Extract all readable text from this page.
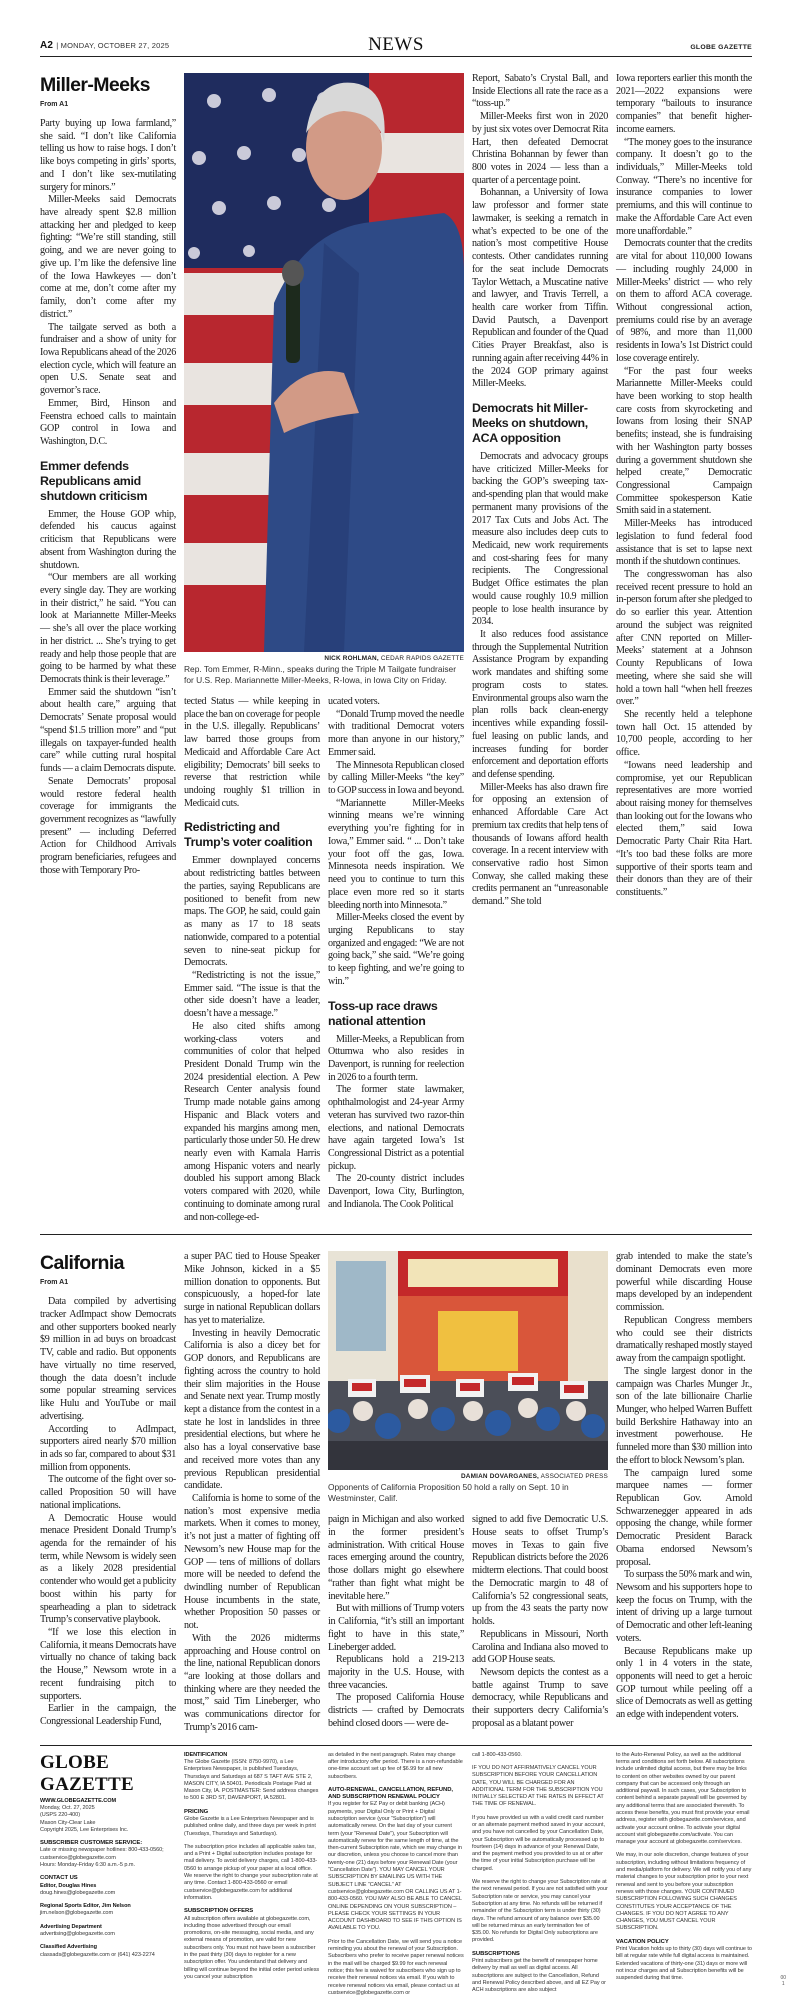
A2 | MONDAY, OCTOBER 27, 2025	NEWS	GLOBE GAZETTE
Miller-Meeks
From A1

Party buying up Iowa farmland,” she said. “I don’t like California telling us how to raise hogs. I don’t like boys competing in girls’ sports, and I don’t like sex-mutilating surgery for minors.”

Miller-Meeks said Democrats have already spent $2.8 million attacking her and pledged to keep fighting: “We’re still standing, still going, and we are never going to give up. I’m like the defensive line of the Iowa Hawkeyes — don’t come at me, don’t come after my family, don’t come after my district.”

The tailgate served as both a fundraiser and a show of unity for Iowa Republicans ahead of the 2026 election cycle, which will feature an open U.S. Senate seat and governor’s race.

Emmer, Bird, Hinson and Feenstra echoed calls to maintain GOP control in Iowa and Washington, D.C.

Emmer defends Republicans amid shutdown criticism

Emmer, the House GOP whip, defended his caucus against criticism that Republicans were absent from Washington during the shutdown.

“Our members are all working every single day. They are working in their district,” he said. “You can look at Mariannette Miller-Meeks — she’s all over the place working in her district. ... She’s trying to get ready and help those people that are going to be harmed by what these Democrats think is their leverage.”

Emmer said the shutdown “isn’t about health care,” arguing that Democrats’ Senate proposal would “spend $1.5 trillion more” and “put illegals on taxpayer-funded health care” while cutting rural hospital funds — a claim Democrats dispute.

Senate Democrats’ proposal would restore federal health coverage for immigrants the government recognizes as “lawfully present” — including Deferred Action for Childhood Arrivals program beneficiaries, refugees and those with Temporary Pro-

NICK ROHLMAN, CEDAR RAPIDS GAZETTE
Rep. Tom Emmer, R-Minn., speaks during the Triple M Tailgate fundraiser for U.S. Rep. Mariannette Miller-Meeks, R-Iowa, in Iowa City on Friday.

tected Status — while keeping in place the ban on coverage for people in the U.S. illegally. Republicans’ law barred those groups from Medicaid and Affordable Care Act eligibility; Democrats’ bill seeks to reverse that restriction while undoing roughly $1 trillion in Medicaid cuts.

Redistricting and Trump’s voter coalition

Emmer downplayed concerns about redistricting battles between the parties, saying Republicans are positioned to benefit from new maps. The GOP, he said, could gain as many as 17 to 18 seats nationwide, compared to a potential seven to nine-seat pickup for Democrats.

“Redistricting is not the issue,” Emmer said. “The issue is that the other side doesn’t have a leader, doesn’t have a message.”

He also cited shifts among working-class voters and communities of color that helped President Donald Trump win the 2024 presidential election. A Pew Research Center analysis found Trump made notable gains among Hispanic and Black voters and expanded his margins among men, particularly those under 50. He drew nearly even with Kamala Harris among Hispanic voters and nearly doubled his support among Black voters compared with 2020, while continuing to dominate among rural and non-college-ed-

ucated voters.

“Donald Trump moved the needle with traditional Democrat voters more than anyone in our history,” Emmer said.

The Minnesota Republican closed by calling Miller-Meeks “the key” to GOP success in Iowa and beyond.

“Mariannette Miller-Meeks winning means we’re winning everything you’re fighting for in Iowa,” Emmer said. “ ... Don’t take your foot off the gas, Iowa. Minnesota needs inspiration. We need you to continue to turn this place even more red so it starts bleeding north into Minnesota.”

Miller-Meeks closed the event by urging Republicans to stay organized and engaged: “We are not going back,” she said. “We’re going to keep fighting, and we’re going to win.”

Toss-up race draws national attention

Miller-Meeks, a Republican from Ottumwa who also resides in Davenport, is running for reelection in 2026 to a fourth term.

The former state lawmaker, ophthalmologist and 24-year Army veteran has survived two razor-thin elections, and national Democrats have again targeted Iowa’s 1st Congressional District as a potential pickup.

The 20-county district includes Davenport, Iowa City, Burlington, and Indianola. The Cook Political

Report, Sabato’s Crystal Ball, and Inside Elections all rate the race as a “toss-up.”

Miller-Meeks first won in 2020 by just six votes over Democrat Rita Hart, then defeated Democrat Christina Bohannan by fewer than 800 votes in 2024 — less than a quarter of a percentage point.

Bohannan, a University of Iowa law professor and former state lawmaker, is seeking a rematch in what’s expected to be one of the nation’s most competitive House contests. Other candidates running for the seat include Democrats Taylor Wettach, a Muscatine native and lawyer, and Travis Terrell, a health care worker from Tiffin. David Pautsch, a Davenport Republican and founder of the Quad Cities Prayer Breakfast, also is running again after receiving 44% in the 2024 GOP primary against Miller-Meeks.

Democrats hit Miller-Meeks on shutdown, ACA opposition

Democrats and advocacy groups have criticized Miller-Meeks for backing the GOP’s sweeping tax-and-spending plan that would make permanent many provisions of the 2017 Tax Cuts and Jobs Act. The measure also includes deep cuts to Medicaid, new work requirements and cost-sharing fees for many recipients. The Congressional Budget Office estimates the plan would cause roughly 10.9 million people to lose health insurance by 2034.

It also reduces food assistance through the Supplemental Nutrition Assistance Program by expanding work mandates and shifting some program costs to states. Environmental groups also warn the plan rolls back clean-energy incentives while expanding fossil-fuel leasing on public lands, and increases funding for border enforcement and deportation efforts and defense spending.

Miller-Meeks has also drawn fire for opposing an extension of enhanced Affordable Care Act premium tax credits that help tens of thousands of Iowans afford health coverage. In a recent interview with conservative radio host Simon Conway, she called making these credits permanent an “unreasonable demand.” She told

Iowa reporters earlier this month the 2021—2022 expansions were temporary “bailouts to insurance companies” that benefit higher-income earners.

“The money goes to the insurance company. It doesn’t go to the individuals,” Miller-Meeks told Conway. “There’s no incentive for insurance companies to lower premiums, and this will continue to make the Affordable Care Act even more unaffordable.”

Democrats counter that the credits are vital for about 110,000 Iowans — including roughly 24,000 in Miller-Meeks’ district — who rely on them to afford ACA coverage. Without congressional action, premiums could rise by an average of 98%, and more than 11,000 residents in Iowa’s 1st District could lose coverage entirely.

“For the past four weeks Mariannette Miller-Meeks could have been working to stop health care costs from skyrocketing and Iowans from losing their SNAP benefits; instead, she is fundraising with her Washington party bosses during a government shutdown she helped create,” Democratic Congressional Campaign Committee spokesperson Katie Smith said in a statement.

Miller-Meeks has introduced legislation to fund federal food assistance that is set to lapse next month if the shutdown continues.

The congresswoman has also received recent pressure to hold an in-person forum after she pledged to do so earlier this year. Attention around the subject was reignited after CNN reported on Miller-Meeks’ statement at a Johnson County Republicans of Iowa meeting, where she said she will hold a town hall “when hell freezes over.”

She recently held a telephone town hall Oct. 15 attended by 10,700 people, according to her office.

“Iowans need leadership and compromise, yet our Republican representatives are more worried about raising money for themselves than looking out for the Iowans who elected them,” said Iowa Democratic Party Chair Rita Hart. “It’s too bad these folks are more supportive of their sports team and their donors than they are of their constituents.”

California
From A1

Data compiled by advertising tracker AdImpact show Democrats and other supporters booked nearly $9 million in ad buys on broadcast TV, cable and radio. But opponents have virtually no time reserved, though the data doesn’t include some popular streaming services like Hulu and YouTube or mail advertising.

According to AdImpact, supporters aired nearly $70 million in ads so far, compared to about $31 million from opponents.

The outcome of the fight over so-called Proposition 50 will have national implications.

A Democratic House would menace President Donald Trump’s agenda for the remainder of his term, while Newsom is widely seen as a likely 2028 presidential contender who would get a publicity boost within his party for spearheading a plan to sidetrack Trump’s conservative playbook.

“If we lose this election in California, it means Democrats have virtually no chance of taking back the House,” Newsom wrote in a recent fundraising pitch to supporters.

Earlier in the campaign, the Congressional Leadership Fund,

a super PAC tied to House Speaker Mike Johnson, kicked in a $5 million donation to opponents. But conspicuously, a hoped-for late surge in national Republican dollars has yet to materialize.

Investing in heavily Democratic California is also a dicey bet for GOP donors, and Republicans are fighting across the country to hold their slim majorities in the House and Senate next year. Trump mostly kept a distance from the contest in a state he lost in landslides in three presidential elections, but where he also has a loyal conservative base and received more votes than any previous Republican presidential candidate.

California is home to some of the nation’s most expensive media markets. When it comes to money, it’s not just a matter of fighting off Newsom’s new House map for the GOP — tens of millions of dollars more will be needed to defend the dwindling number of Republican House incumbents in the state, whether Proposition 50 passes or not.

With the 2026 midterms approaching and House control on the line, national Republican donors “are looking at those dollars and thinking where are they needed the most,” said Tim Lineberger, who was communications director for Trump’s 2016 cam-

DAMIAN DOVARGANES, ASSOCIATED PRESS
Opponents of California Proposition 50 hold a rally on Sept. 10 in Westminster, Calif.

paign in Michigan and also worked in the former president’s administration. With critical House races emerging around the country, those dollars might go elsewhere “rather than fight what might be inevitable here.”

But with millions of Trump voters in California, “it’s still an important fight to have in this state,” Lineberger added.

Republicans hold a 219-213 majority in the U.S. House, with three vacancies.

The proposed California House districts — crafted by Democrats behind closed doors — were de-

signed to add five Democratic U.S. House seats to offset Trump’s moves in Texas to gain five Republican districts before the 2026 midterm elections. That could boost the Democratic margin to 48 of California’s 52 congressional seats, up from the 43 seats the party now holds.

Republicans in Missouri, North Carolina and Indiana also moved to add GOP House seats.

Newsom depicts the contest as a battle against Trump to save democracy, while Republicans and their supporters decry California’s proposal as a blatant power

grab intended to make the state’s dominant Democrats even more powerful while discarding House maps developed by an independent commission.

Republican Congress members who could see their districts dramatically reshaped mostly stayed away from the campaign spotlight.

The single largest donor in the campaign was Charles Munger Jr., son of the late billionaire Charlie Munger, who helped Warren Buffett build Berkshire Hathaway into an investment powerhouse. He funneled more than $30 million into the effort to block Newsom’s plan.

The campaign lured some marquee names — former Republican Gov. Arnold Schwarzenegger appeared in ads opposing the change, while former Democratic President Barack Obama endorsed Newsom’s proposal.

To surpass the 50% mark and win, Newsom and his supporters hope to keep the focus on Trump, with the intent of driving up a large turnout of Democratic and other left-leaning voters.

Because Republicans make up only 1 in 4 voters in the state, opponents will need to get a heroic GOP turnout while peeling off a slice of Democrats as well as getting an edge with independent voters.

GLOBE GAZETTE
WWW.GLOBEGAZETTE.COM
Monday, Oct. 27, 2025
(USPS 220-400)
Mason City-Clear Lake
Copyright 2025, Lee Enterprises Inc.
SUBSCRIBER CUSTOMER SERVICE:
Late or missing newspaper hotlines: 800-433-0560; custservice@globegazette.com
Hours: Monday-Friday 6:30 a.m.-5 p.m.
CONTACT US
Editor, Douglas Hines
doug.hines@globegazette.com
Regional Sports Editor, Jim Nelson
jim.nelson@globegazette.com
Advertising Department
advertising@globegazette.com
Classified Advertising
classads@globegazette.com or (641) 423-2274
IDENTIFICATION
The Globe Gazette (ISSN: 8750-9970), a Lee Enterprises Newspaper, is published Tuesdays, Thursdays and Saturdays at 687 S TAFT AVE STE 2, MASON CITY, IA 50401. Periodicals Postage Paid at Mason City, IA. POSTMASTER: Send address changes to 500 E 3RD ST, DAVENPORT, IA 52801.
PRICING
Globe Gazette is a Lee Enterprises Newspaper and is published online daily, and three days per week in print (Tuesdays, Thursdays and Saturdays).
The subscription price includes all applicable sales tax, and a Print + Digital subscription includes postage for mail delivery. To avoid delivery charges, call 1-800-433-0560 to arrange pickup of your paper at a local office. We reserve the right to change your subscription rate at any time. Contact 1-800-433-0560 or email custservice@globegazette.com for additional information.
SUBSCRIPTION OFFERS
All subscription offers available at globegazette.com, including those advertised through our email promotions, on-site messaging, social media, and any external means of promotion, are valid for new subscribers only. You must not have been a subscriber in the past thirty (30) days to register for a new subscription offer. You understand that delivery and billing will continue beyond the initial order period unless you cancel your subscription
as detailed in the next paragraph. Rates may change after introductory offer period. There is a non-refundable one-time account set up fee of $6.99 for all new subscribers.
AUTO-RENEWAL, CANCELLATION, REFUND, AND SUBSCRIPTION RENEWAL POLICY
If you register for EZ Pay or debit banking (ACH) payments, your Digital Only or Print + Digital subscription service (your “Subscription”) will automatically renew. On the last day of your current term (your “Renewal Date”), your Subscription will automatically renew for the same length of time, at the then-current Subscription rate, which we may change in our discretion, unless you choose to cancel more than twenty-one (21) days before your Renewal Date (your “Cancellation Date”). YOU MAY CANCEL YOUR SUBSCRIPTION BY EMAILING US WITH THE SUBJECT LINE “CANCEL” AT custservice@globegazette.com OR CALLING US AT 1-800-433-0560. YOU MAY ALSO BE ABLE TO CANCEL ONLINE DEPENDING ON YOUR SUBSCRIPTION – PLEASE CHECK YOUR SETTINGS IN YOUR ACCOUNT DASHBOARD TO SEE IF THIS OPTION IS AVAILABLE TO YOU.
Prior to the Cancellation Date, we will send you a notice reminding you about the renewal of your Subscription. Subscribers who prefer to receive paper renewal notices in the mail will be charged $9.99 for each renewal notice; this fee is waived for subscribers who sign up to receive their renewal notices via email. If you wish to receive renewal notices via email, please contact us at custservice@globegazette.com or
call 1-800-433-0560.
IF YOU DO NOT AFFIRMATIVELY CANCEL YOUR SUBSCRIPTION BEFORE YOUR CANCELLATION DATE, YOU WILL BE CHARGED FOR AN ADDITIONAL TERM FOR THE SUBSCRIPTION YOU INITIALLY SELECTED AT THE RATES IN EFFECT AT THE TIME OF RENEWAL.
If you have provided us with a valid credit card number or an alternate payment method saved in your account, and you have not cancelled by your Cancellation Date, your Subscription will be automatically processed up to fourteen (14) days in advance of your Renewal Date, and the payment method you provided to us at or after the time of your initial Subscription purchase will be charged.
We reserve the right to change your Subscription rate at the next renewal period. If you are not satisfied with your Subscription rate or service, you may cancel your Subscription at any time. No refunds will be returned if remainder of the Subscription term is under thirty (30) days. The refund amount of any balance over $35.00 will be returned minus an early termination fee of $35.00. No refunds for Digital Only subscriptions are provided.
SUBSCRIPTIONS
Print subscribers get the benefit of newspaper home delivery by mail as well as digital access. All subscriptions are subject to the Cancellation, Refund and Renewal Policy described above, and all EZ Pay or ACH subscriptions are also subject
to the Auto-Renewal Policy, as well as the additional terms and conditions set forth below. All subscriptions include unlimited digital access, but there may be links to content on other websites owned by our parent company that can be accessed only through an additional paywall. In such cases, your Subscription to content behind a separate paywall will be governed by any additional terms that are associated therewith. To access these benefits, you must first provide your email address, register with globegazette.com/services, and activate your account online. To activate your digital account visit globegazette.com/activate. You can manage your account at globegazette.com/services.
We may, in our sole discretion, change features of your subscription, including without limitations frequency of and media/platform for delivery. We will notify you of any material changes to your subscription prior to your next renewal and sent to you before your subscription renews with those changes. YOUR CONTINUED SUBSCRIPTION FOLLOWING SUCH CHANGES CONSTITUTES YOUR ACCEPTANCE OF THE CHANGES. IF YOU DO NOT AGREE TO ANY CHANGES, YOU MUST CANCEL YOUR SUBSCRIPTION.
VACATION POLICY
Print Vacation holds up to thirty (30) days will continue to bill at regular rate while full digital access is maintained. Extended vacations of thirty-one (31) days or more will not incur charges and all Subscription benefits will be suspended during that time.	00
1
